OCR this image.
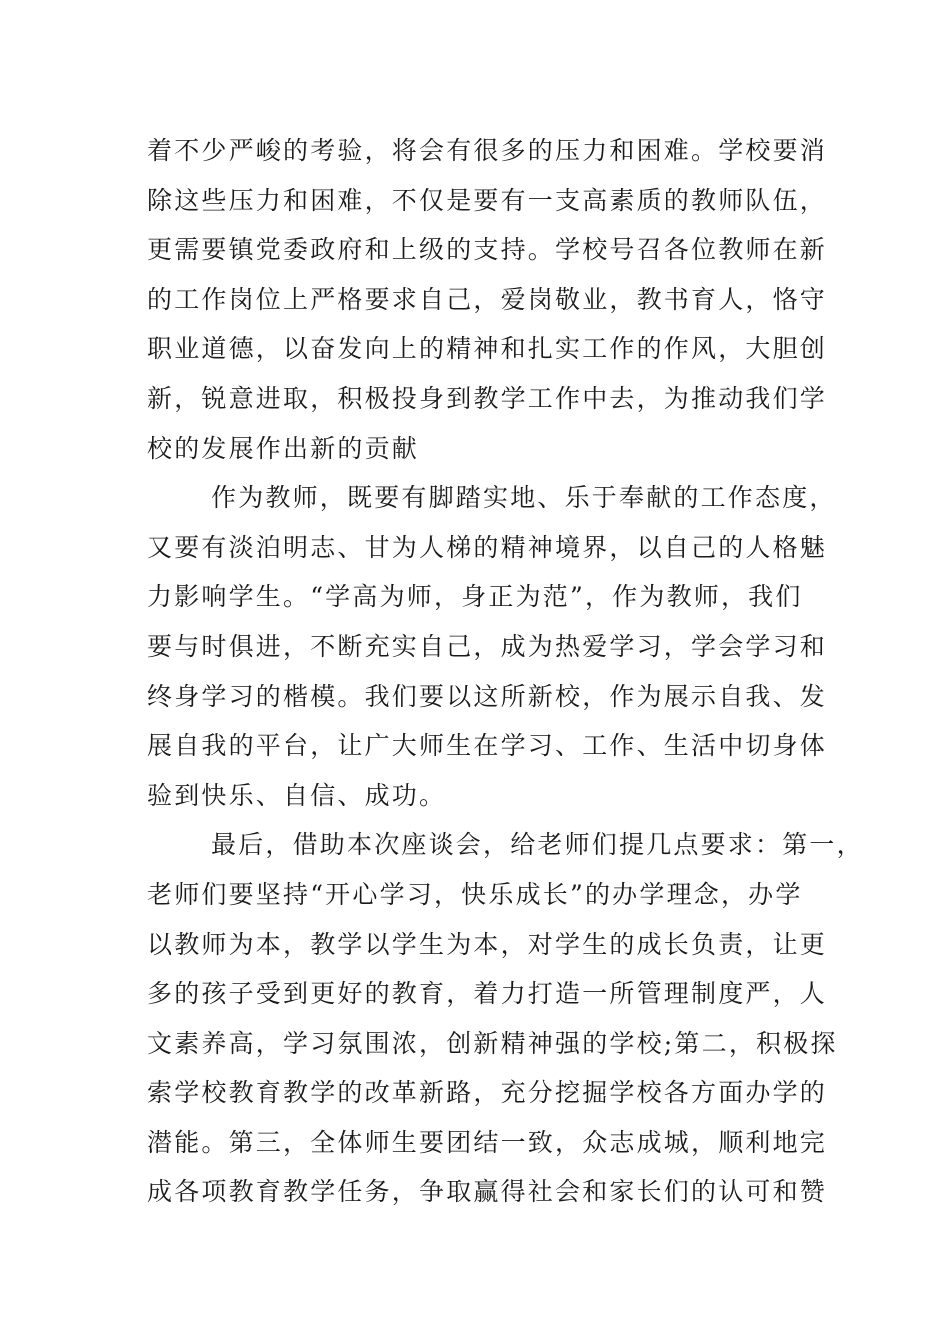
着不少严峻的考验，将会有很多的压力和困难。学校要消
除这些压力和困难，不仅是要有一支高素质的教师队伍，
更需要镇党委政府和上级的支持。学校号召各位教师在新
的工作岗位上严格要求自己，爱岗敬业，教书育人，恪守
职业道德，以奋发向上的精神和扎实工作的作风，大胆创
新，锐意进取，积极投身到教学工作中去，为推动我们学
校的发展作出新的贡献
作为教师，既要有脚踏实地、乐于奉献的工作态度，
又要有淡泊明志、甘为人梯的精神境界，以自己的人格魅
力影响学生。“学高为师，身正为范”，作为教师，我们
要与时俱进，不断充实自己，成为热爱学习，学会学习和
终身学习的楷模。我们要以这所新校，作为展示自我、发
展自我的平台，让广大师生在学习、工作、生活中切身体
验到快乐、自信、成功。
最后，借助本次座谈会，给老师们提几点要求：第一，
老师们要坚持“开心学习，快乐成长”的办学理念，办学
以教师为本，教学以学生为本，对学生的成长负责，让更
多的孩子受到更好的教育，着力打造一所管理制度严，人
文素养高，学习氛围浓，创新精神强的学校;第二，积极探
索学校教育教学的改革新路，充分挖掘学校各方面办学的
潜能。第三，全体师生要团结一致，众志成城，顺利地完
成各项教育教学任务，争取赢得社会和家长们的认可和赞
